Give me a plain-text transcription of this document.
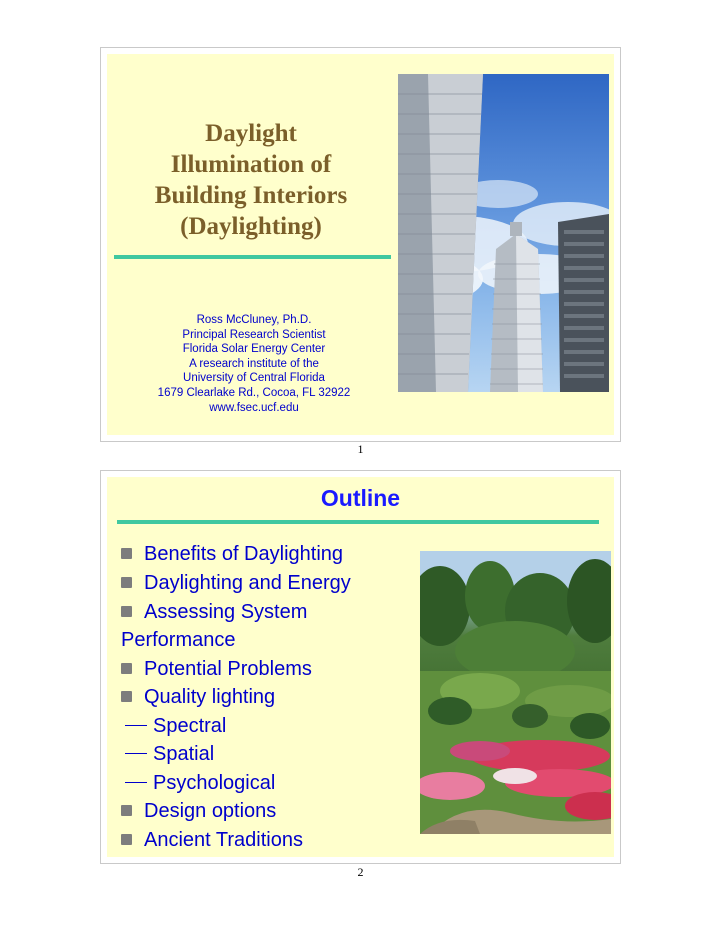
Daylight
Illumination of
Building Interiors
(Daylighting)
Ross McCluney, Ph.D.
Principal Research Scientist
Florida Solar Energy Center
A research institute of the
University of Central Florida
1679 Clearlake Rd., Cocoa, FL 32922
www.fsec.ucf.edu
1
Outline
Benefits of Daylighting
Daylighting and Energy
Assessing System
Performance
Potential Problems
Quality lighting
Spectral
Spatial
Psychological
Design options
Ancient Traditions
2
